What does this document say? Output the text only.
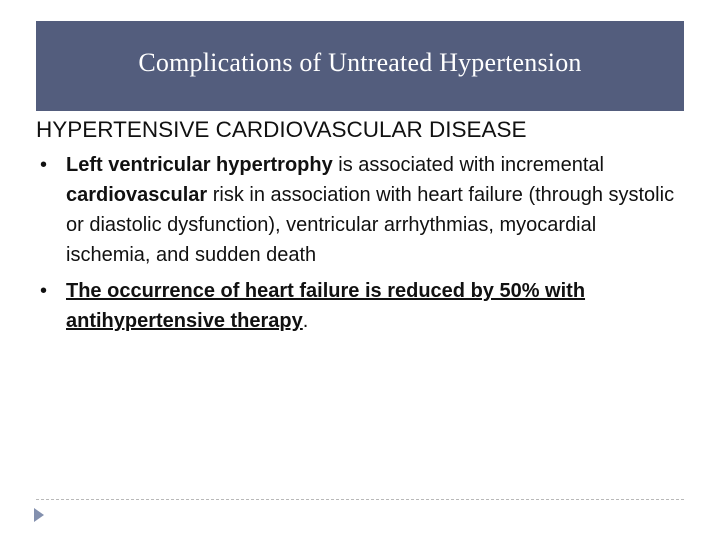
Complications of Untreated Hypertension
HYPERTENSIVE CARDIOVASCULAR DISEASE
• Left ventricular hypertrophy is associated with incremental cardiovascular risk in association with heart failure (through systolic or diastolic dysfunction), ventricular arrhythmias, myocardial ischemia, and sudden death
• The occurrence of heart failure is reduced by 50% with antihypertensive therapy.
